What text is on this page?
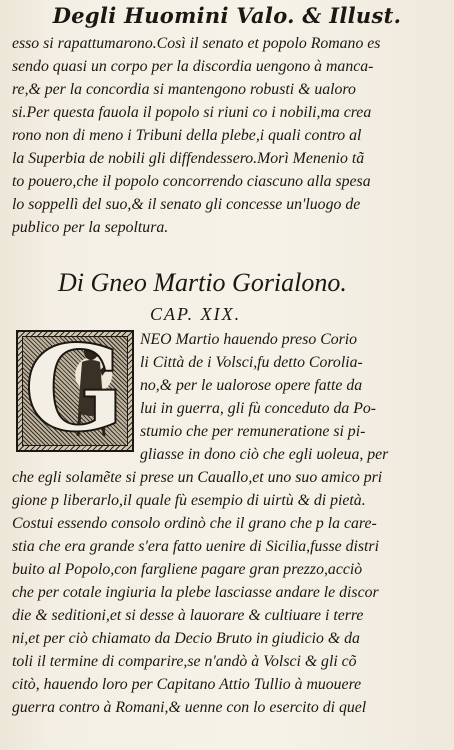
Degli Huomini Valo. & Illust.
esso si rapattumarono.Così il senato et popolo Romano es
sendo quasi un corpo per la discordia uengono à manca-
re,& per la concordia si mantengono robusti & ualoro
si.Per questa fauola il popolo si riuni co i nobili,ma crea
rono non di meno i Tribuni della plebe,i quali contro al
la Superbia de nobili gli diffendessero.Morì Menenio tã
to pouero,che il popolo concorrendo ciascuno alla spesa
lo soppellì del suo,& il senato gli concesse un'luogo de
publico per la sepoltura.
Di Gneo Martio Gorialono.
CAP. XIX.
G NEO Martio hauendo preso Corio
li Città de i Volsci,fu detto Corolia-
no,& per le ualorose opere fatte da
lui in guerra, gli fù conceduto da Po-
stumio che per remuneratione si pi-
gliasse in dono ciò che egli uoleua, per
che egli solamẽte si prese un Cauallo,et uno suo amico pri
gione p liberarlo,il quale fù esempio di uirtù & di pietà.
Costui essendo consolo ordinò che il grano che p la care-
stia che era grande s'era fatto uenire di Sicilia,fusse distri
buito al Popolo,con fargliene pagare gran prezzo,acciò
che per cotale ingiuria la plebe lasciasse andare le discor
die & seditioni,et si desse à lauorare & cultiuare i terre
ni,et per ciò chiamato da Decio Bruto in giudicio & da
toli il termine di comparire,se n'andò à Volsci & gli cõ
citò, hauendo loro per Capitano Attio Tullio à muouere
guerra contro à Romani,& uenne con lo esercito di quel
